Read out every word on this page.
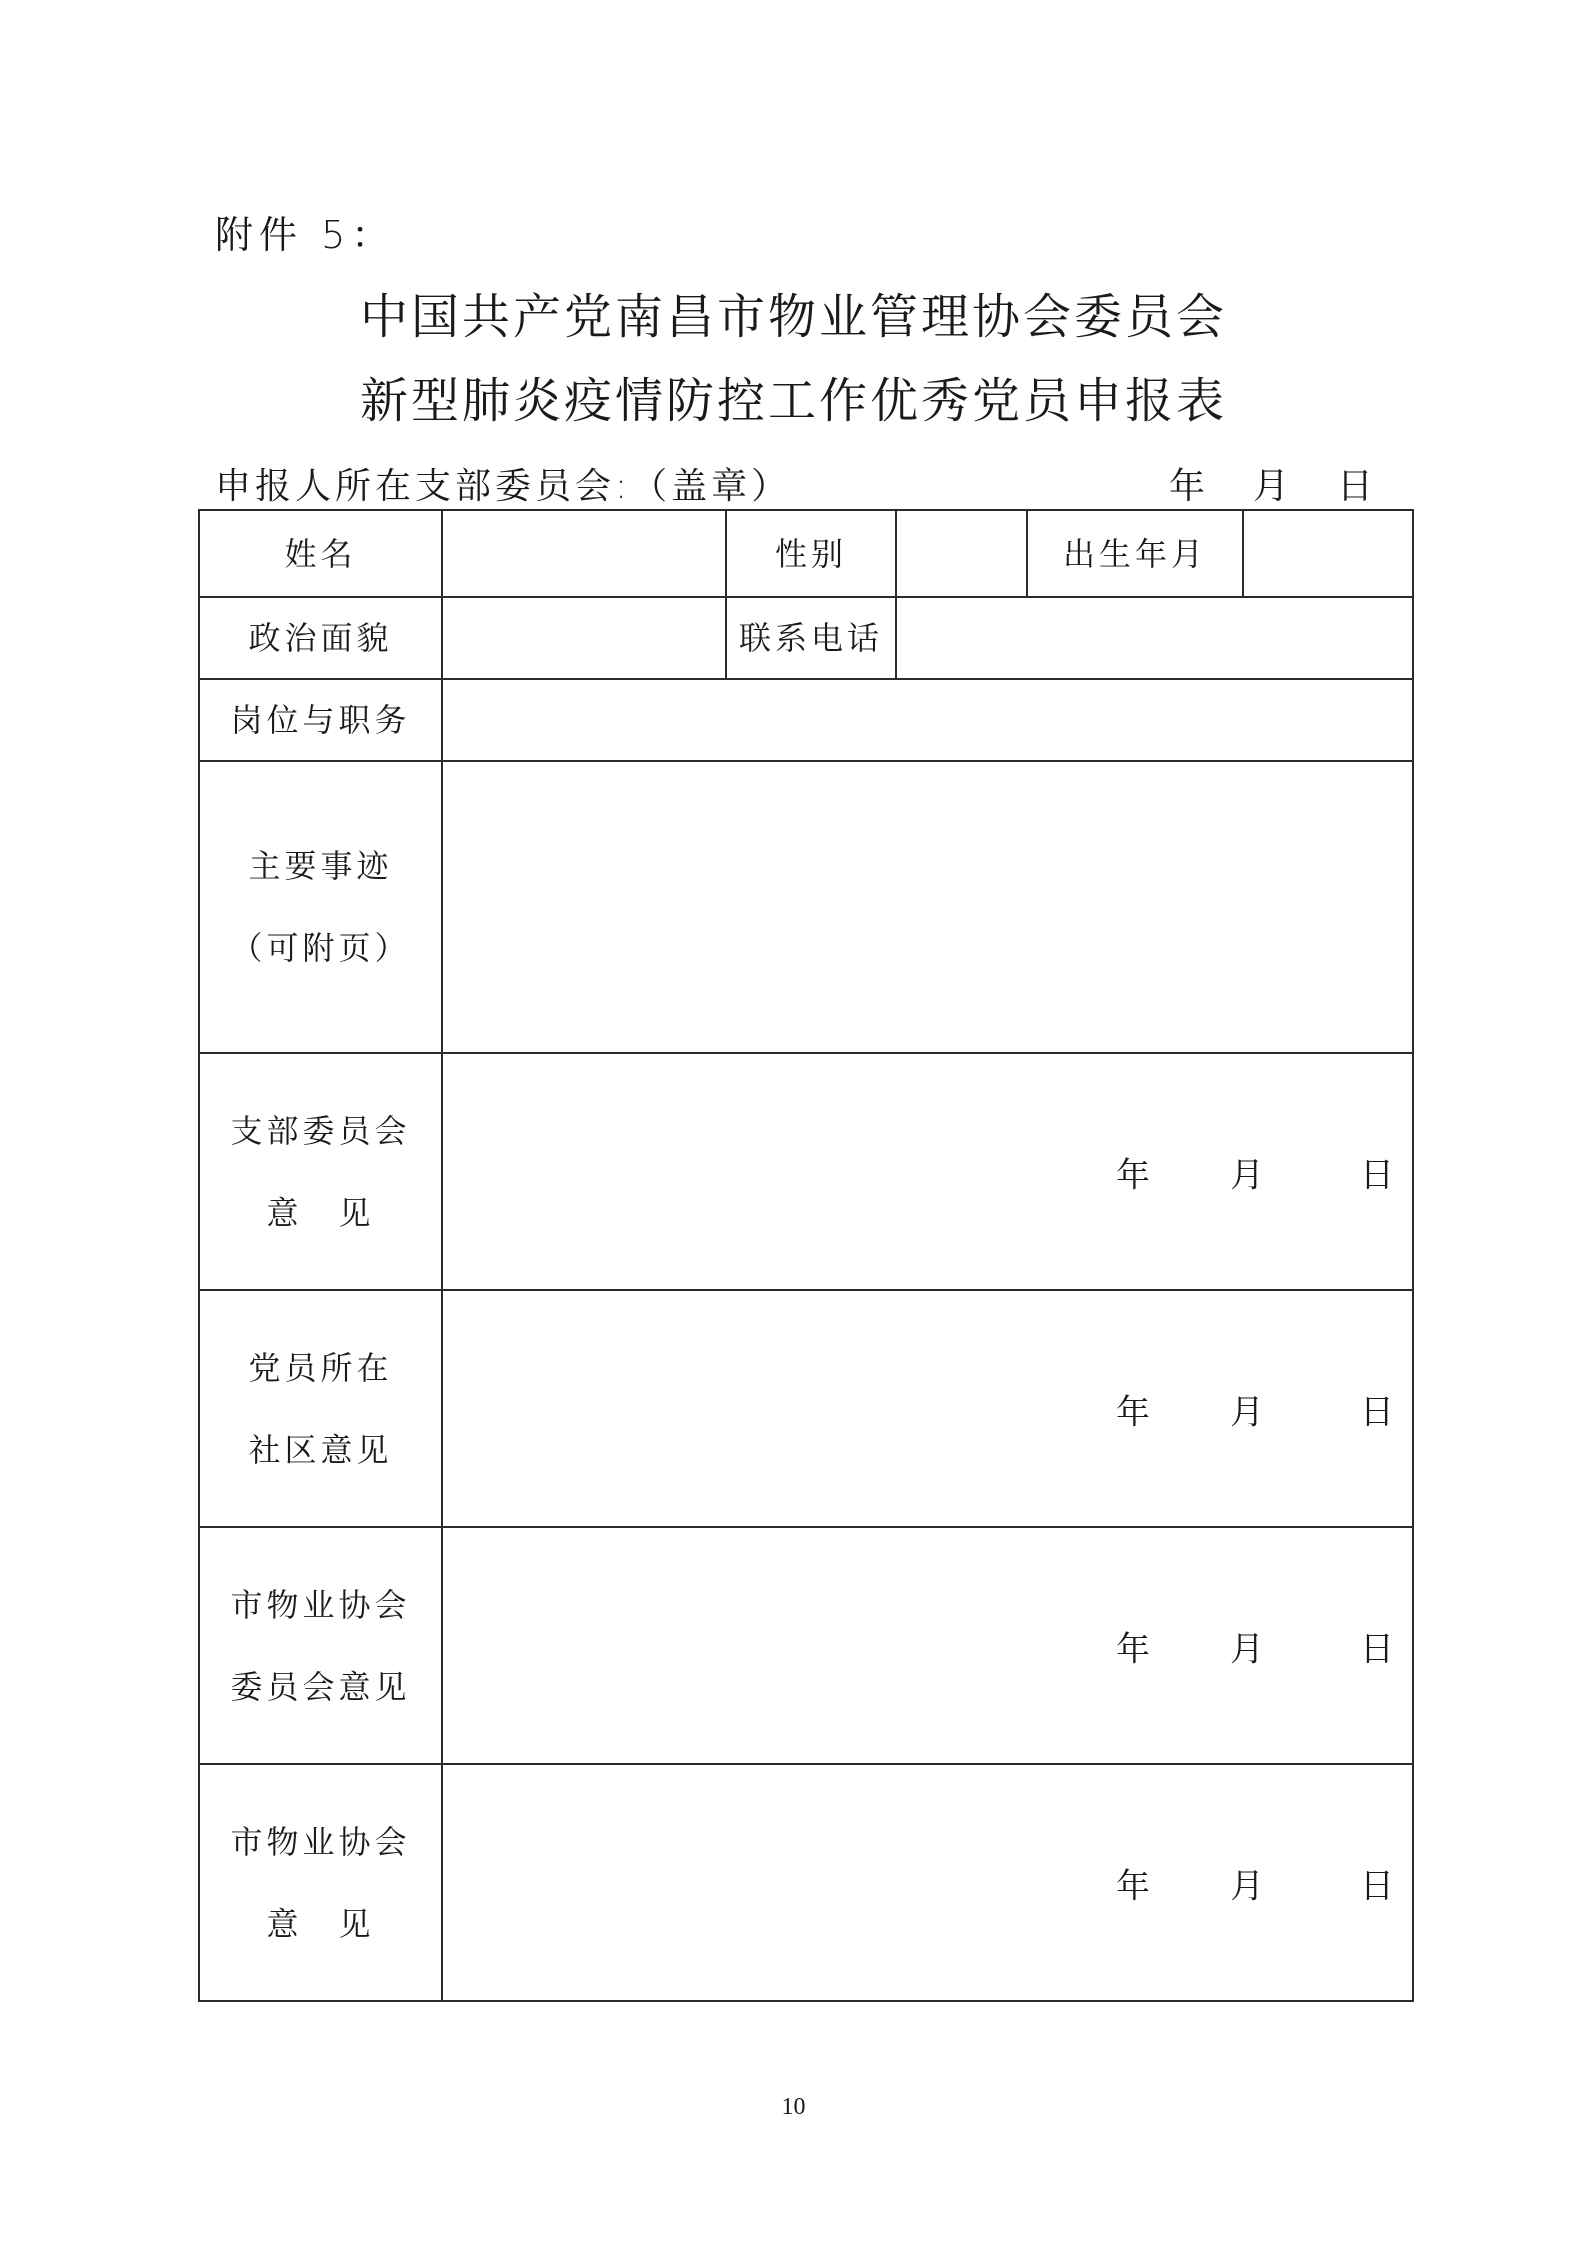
附件 5：
中国共产党南昌市物业管理协会委员会
新型肺炎疫情防控工作优秀党员申报表
申报人所在支部委员会:（盖章）	年 月 日
姓名		性别		出生年月	
政治面貌		联系电话			
岗位与职务					

主要事迹
（可附页）					

支部委员会
意　见	年 月 日				

党员所在
社区意见	年 月 日				

市物业协会
委员会意见	年 月 日				

市物业协会
意　见	年 月 日				
10
